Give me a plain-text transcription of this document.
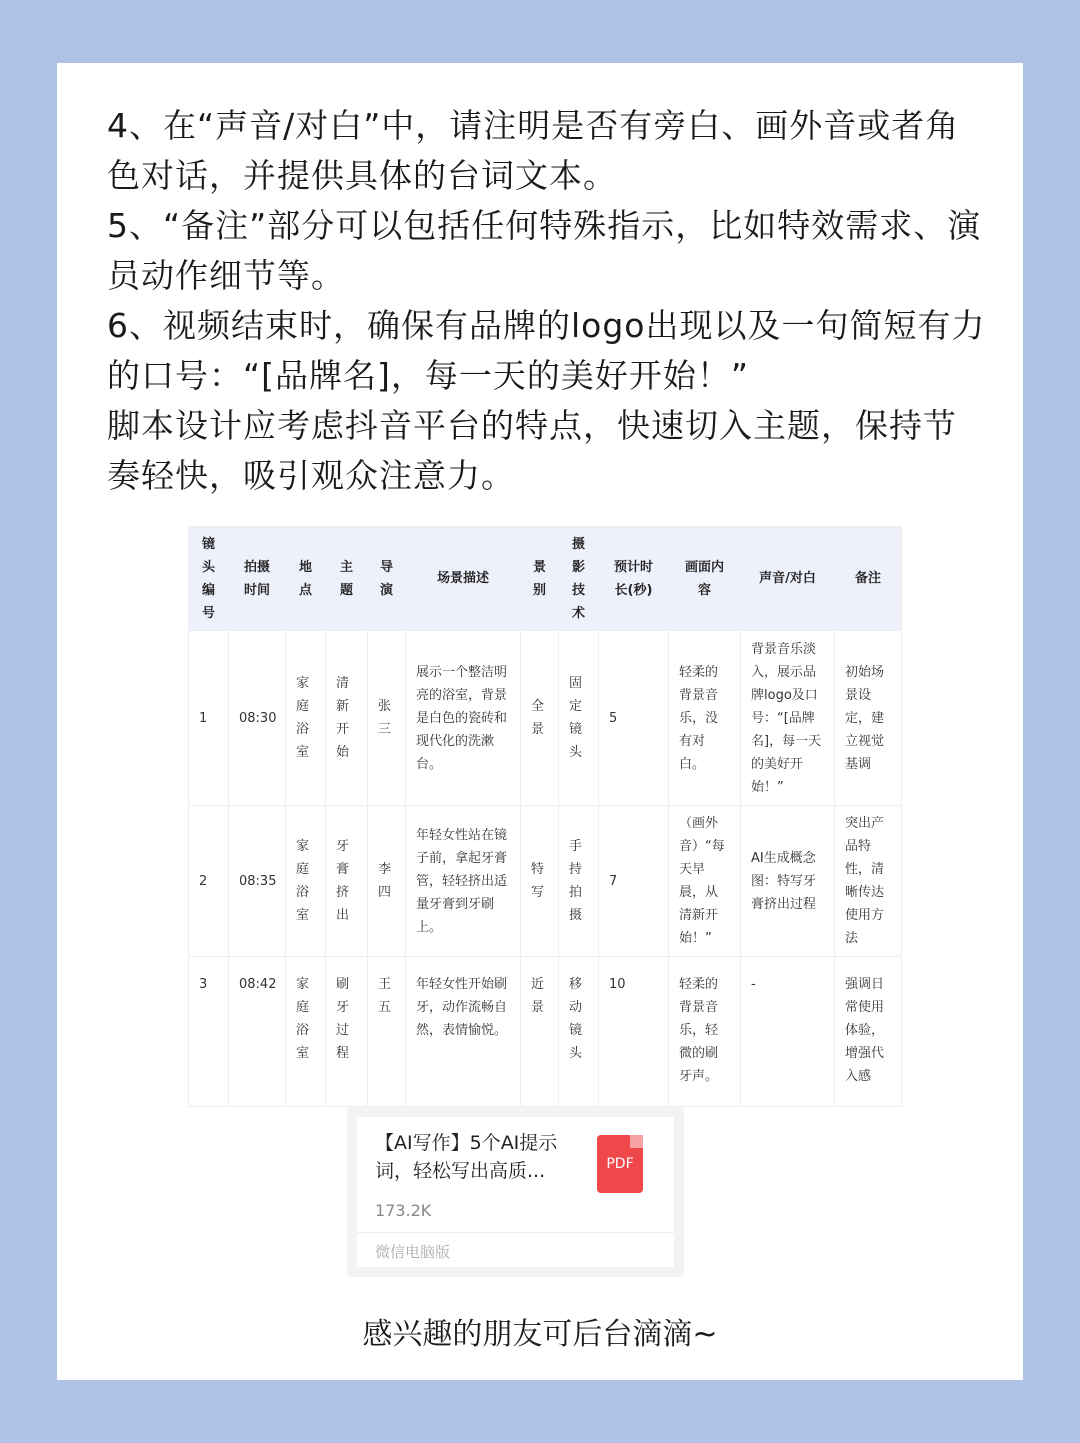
4、在“声音/对白”中，请注明是否有旁白、画外音或者角色对话，并提供具体的台词文本。

5、“备注”部分可以包括任何特殊指示，比如特效需求、演员动作细节等。

6、视频结束时，确保有品牌的logo出现以及一句简短有力的口号：“[品牌名]，每一天的美好开始！”

脚本设计应考虑抖音平台的特点，快速切入主题，保持节奏轻快，吸引观众注意力。

镜头编号	拍摄时间	地点	主题	导演	场景描述	景别	摄影技术	预计时长(秒)	画面内容	声音/对白	备注
1	08:30	家庭浴室	清新开始	张三	展示一个整洁明亮的浴室，背景是白色的瓷砖和现代化的洗漱台。	全景	固定镜头	5	轻柔的背景音乐，没有对白。	背景音乐淡入，展示品牌logo及口号：“[品牌名]，每一天的美好开始！”	初始场景设定，建立视觉基调
2	08:35	家庭浴室	牙膏挤出	李四	年轻女性站在镜子前，拿起牙膏管，轻轻挤出适量牙膏到牙刷上。	特写	手持拍摄	7	（画外音）“每天早晨，从清新开始！”	AI生成概念图：特写牙膏挤出过程	突出产品特性，清晰传达使用方法
3	08:42	家庭浴室	刷牙过程	王五	年轻女性开始刷牙，动作流畅自然，表情愉悦。	近景	移动镜头	10	轻柔的背景音乐，轻微的刷牙声。	-	强调日常使用体验，增强代入感
【AI写作】5个AI提示词，轻松写出高质...	PDF
173.2K
微信电脑版
感兴趣的朋友可后台滴滴~
